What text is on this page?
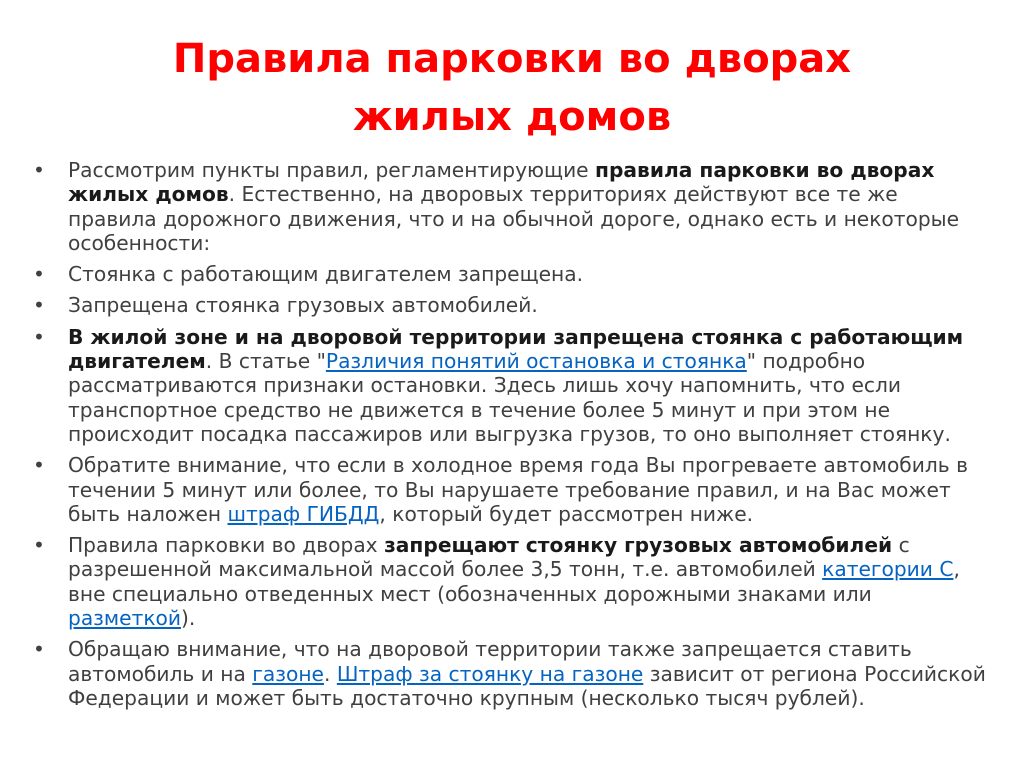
Правила парковки во дворах
жилых домов
• Рассмотрим пункты правил, регламентирующие правила парковки во дворах жилых домов. Естественно, на дворовых территориях действуют все те же правила дорожного движения, что и на обычной дороге, однако есть и некоторые особенности:
• Стоянка с работающим двигателем запрещена.
• Запрещена стоянка грузовых автомобилей.
• В жилой зоне и на дворовой территории запрещена стоянка с работающим двигателем. В статье "Различия понятий остановка и стоянка" подробно рассматриваются признаки остановки. Здесь лишь хочу напомнить, что если транспортное средство не движется в течение более 5 минут и при этом не происходит посадка пассажиров или выгрузка грузов, то оно выполняет стоянку.
• Обратите внимание, что если в холодное время года Вы прогреваете автомобиль в течении 5 минут или более, то Вы нарушаете требование правил, и на Вас может быть наложен штраф ГИБДД, который будет рассмотрен ниже.
• Правила парковки во дворах запрещают стоянку грузовых автомобилей с разрешенной максимальной массой более 3,5 тонн, т.е. автомобилей категории С, вне специально отведенных мест (обозначенных дорожными знаками или разметкой).
• Обращаю внимание, что на дворовой территории также запрещается ставить автомобиль и на газоне. Штраф за стоянку на газоне зависит от региона Российской Федерации и может быть достаточно крупным (несколько тысяч рублей).
